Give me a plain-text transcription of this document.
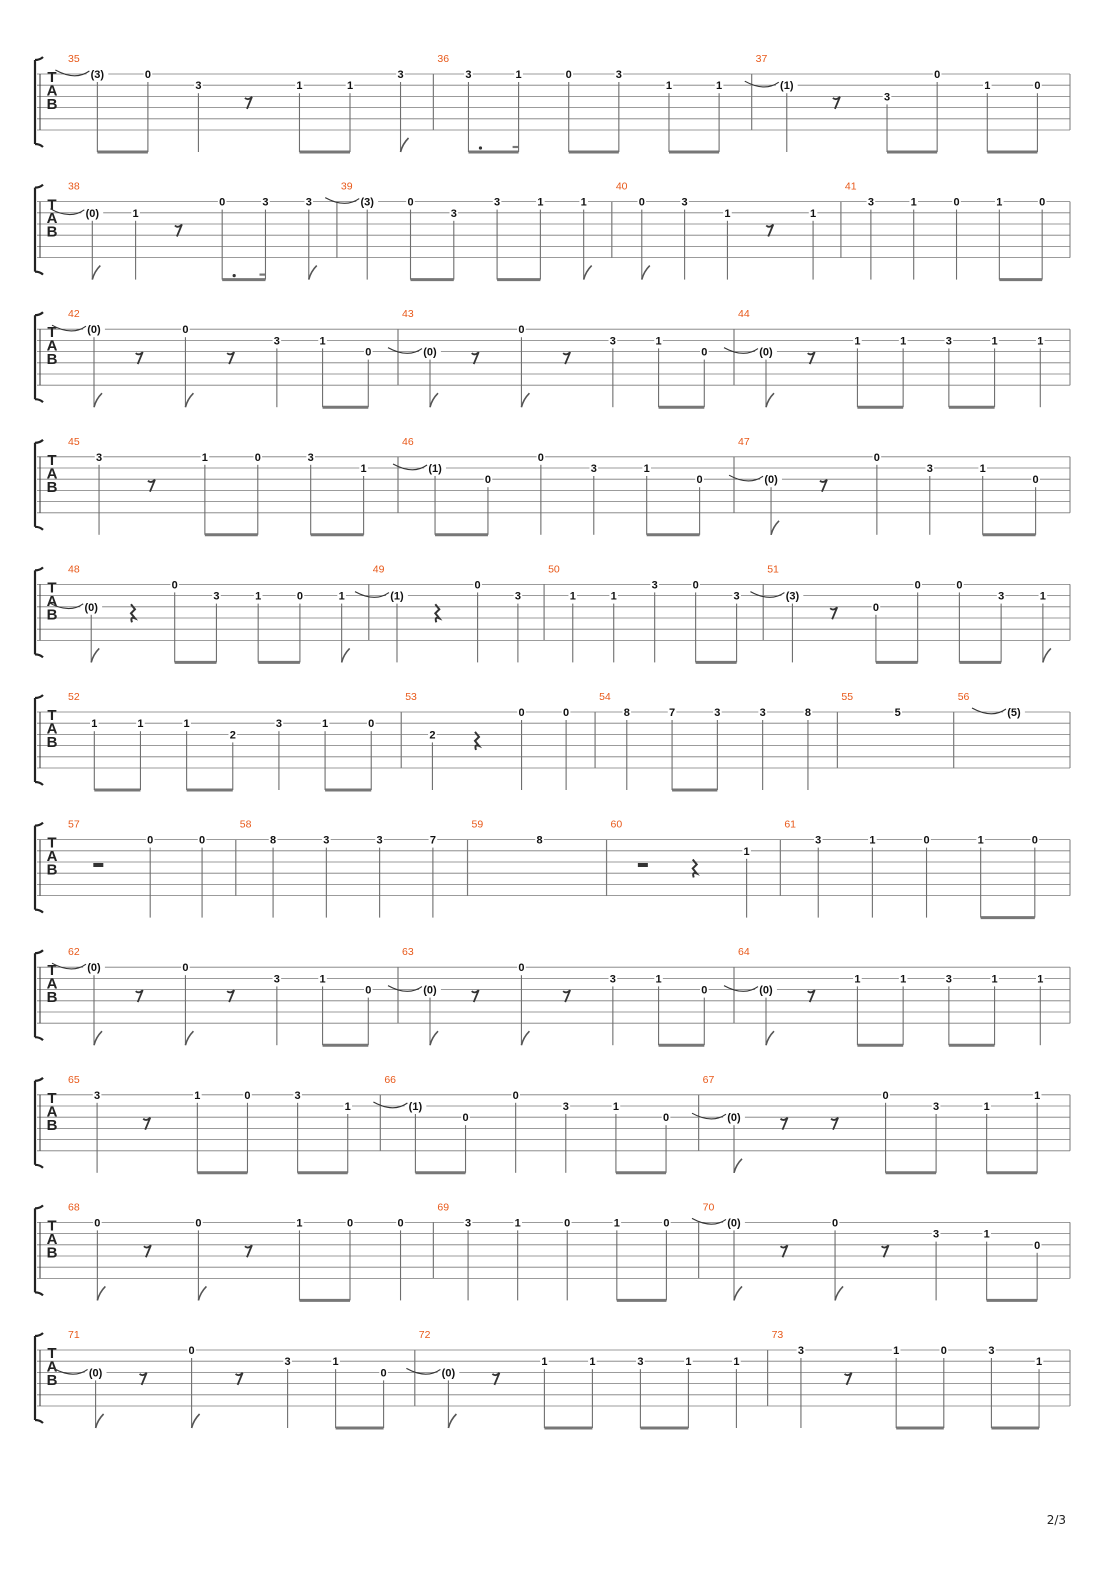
T
A
B
35
(3)	0
3	1	1
3
36
3	1	0	3
1	1
37
(1)
3
0
1	0
T
A
B
38
(0)	1
0	3	3
39
(3)	0
3
3	1	1
40
0	3
1	1
41
3	1	0	1	0
T
A
B
42
(0)	0
3	1
0
43
(0)
0
3	1
0
44
(0)
1	1	3	1	1
T
A
B
45
3	1	0	3
1
46
(1)
0
0
3	1
0
47
(0)
0
3	1
0
T
A
B
48
(0)
0
3	1	0	1
49
(1)
0
3
50
1	1
3	0
3
51
(3)
0
0	0
3	1
T
A
B
52
1	1	1
2
3	1	0
53
2
0	0
54
8	7	3	3	8
55
5
56
(5)
T
A
B
57
0	0
58
8	3	3	7
59
8
60
1
61
3	1	0	1	0
T
A
B
62
(0)	0
3	1
0
63
(0)
0
3	1
0
64
(0)
1	1	3	1	1
T
A
B
65
3	1	0	3
1
66
(1)
0
0
3	1
0
67
(0)
0
3	1
1
T
A
B
68
0	0	1	0	0
69
3	1	0	1	0
70
(0)	0
3	1
0
T
A
B
71
(0)
0
3	1
0
72
(0)
1	1	3	1	1
73
3	1	0	3
1
2/3
